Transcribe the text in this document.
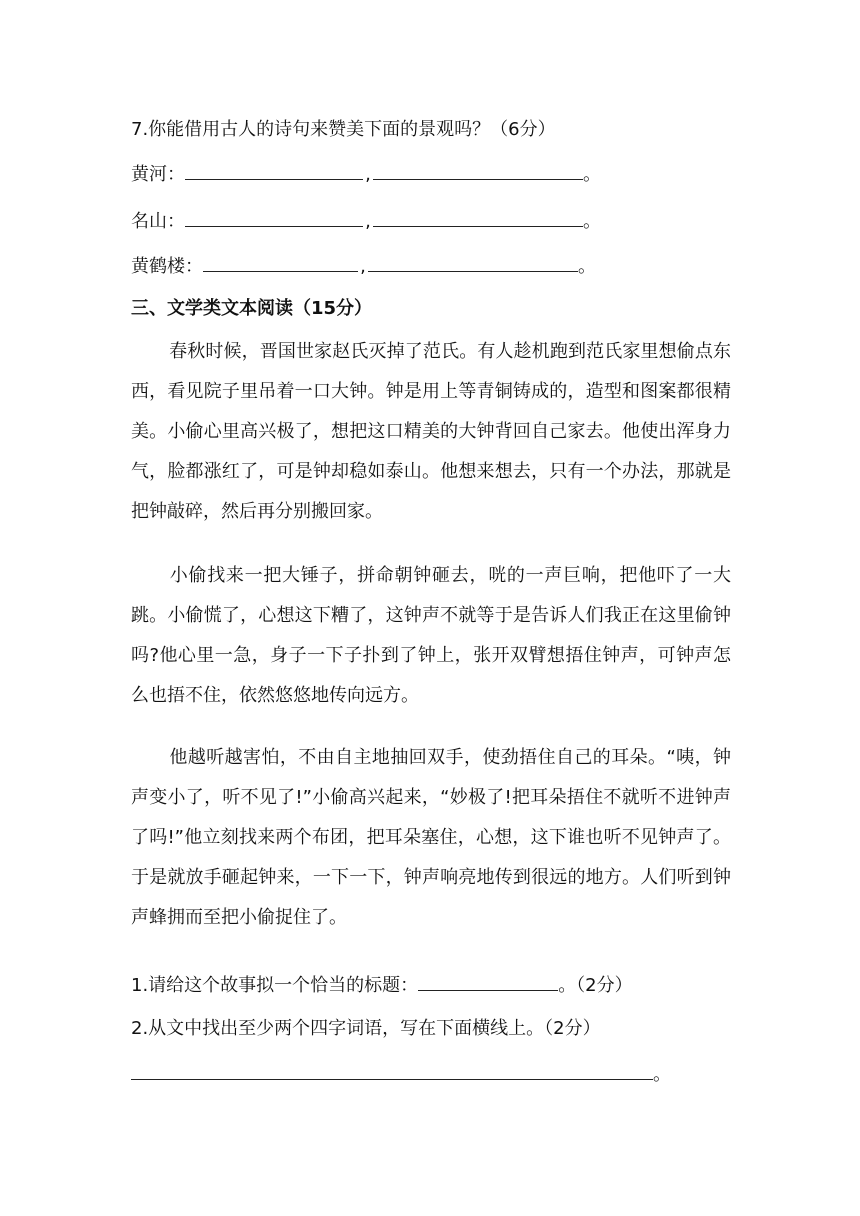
7.你能借用古人的诗句来赞美下面的景观吗？（6分）
黄河：	,	。
名山：	,	。
黄鹤楼：	,	。
三、文学类文本阅读（15分）

春秋时候，晋国世家赵氏灭掉了范氏。有人趁机跑到范氏家里想偷点东西，看见院子里吊着一口大钟。钟是用上等青铜铸成的，造型和图案都很精美。小偷心里高兴极了，想把这口精美的大钟背回自己家去。他使出浑身力气，脸都涨红了，可是钟却稳如泰山。他想来想去，只有一个办法，那就是把钟敲碎，然后再分别搬回家。

小偷找来一把大锤子，拼命朝钟砸去，咣的一声巨响，把他吓了一大跳。小偷慌了，心想这下糟了，这钟声不就等于是告诉人们我正在这里偷钟吗?他心里一急，身子一下子扑到了钟上，张开双臂想捂住钟声，可钟声怎么也捂不住，依然悠悠地传向远方。

他越听越害怕，不由自主地抽回双手，使劲捂住自己的耳朵。“咦，钟声变小了，听不见了!”小偷高兴起来，“妙极了!把耳朵捂住不就听不进钟声了吗!”他立刻找来两个布团，把耳朵塞住，心想，这下谁也听不见钟声了。于是就放手砸起钟来，一下一下，钟声响亮地传到很远的地方。人们听到钟声蜂拥而至把小偷捉住了。

1.请给这个故事拟一个恰当的标题：	。（2分）
2.从文中找出至少两个四字词语，写在下面横线上。（2分）
。
